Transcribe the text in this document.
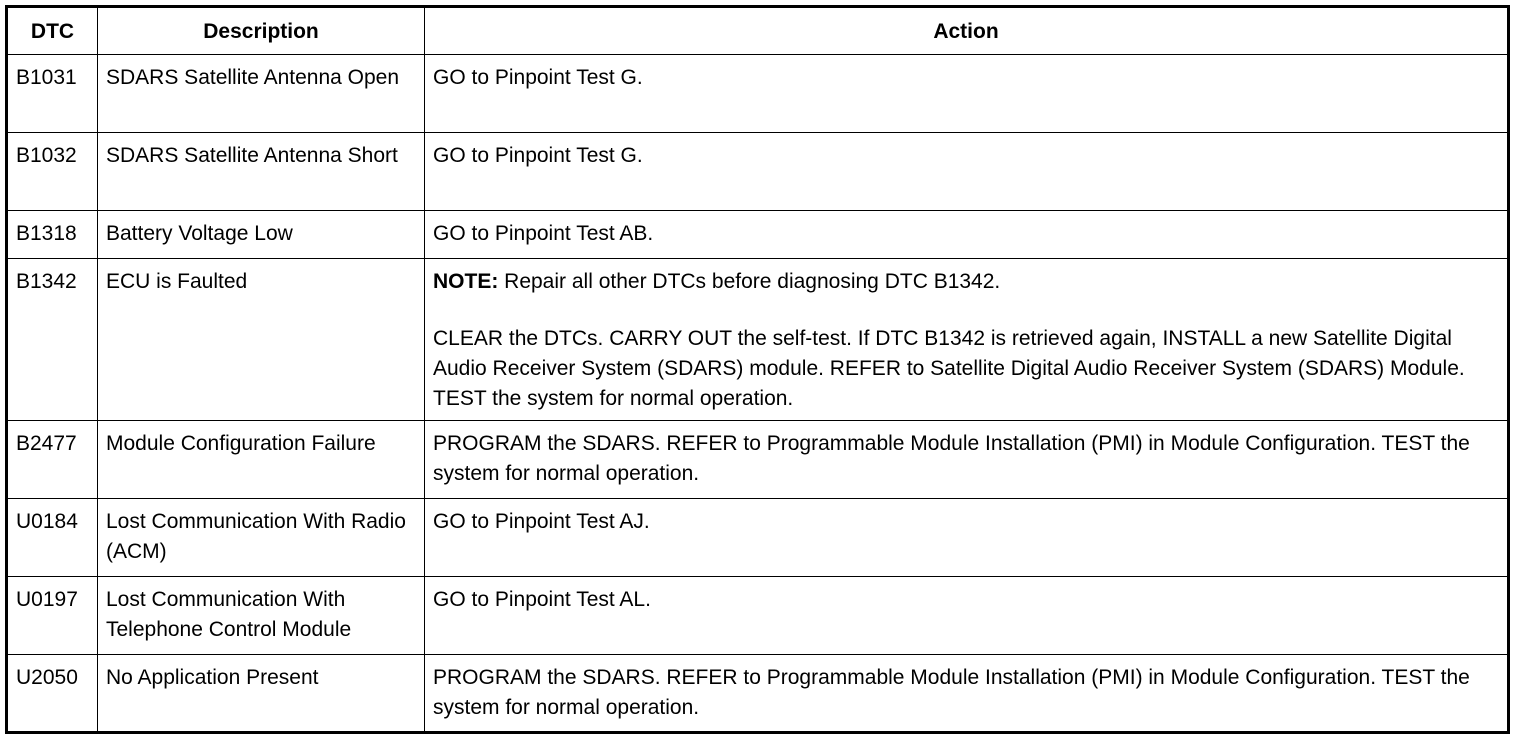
DTC	Description	Action
B1031	SDARS Satellite Antenna Open	GO to Pinpoint Test G.
B1032	SDARS Satellite Antenna Short	GO to Pinpoint Test G.
B1318	Battery Voltage Low	GO to Pinpoint Test AB.
B1342	ECU is Faulted	NOTE: Repair all other DTCs before diagnosing DTC B1342.
CLEAR the DTCs. CARRY OUT the self-test. If DTC B1342 is retrieved again, INSTALL a new Satellite Digital Audio Receiver System (SDARS) module. REFER to Satellite Digital Audio Receiver System (SDARS) Module. TEST the system for normal operation.

B2477	Module Configuration Failure	PROGRAM the SDARS. REFER to Programmable Module Installation (PMI) in Module Configuration. TEST the system for normal operation.
U0184	Lost Communication With Radio (ACM)	GO to Pinpoint Test AJ.
U0197	Lost Communication With Telephone Control Module	GO to Pinpoint Test AL.
U2050	No Application Present	PROGRAM the SDARS. REFER to Programmable Module Installation (PMI) in Module Configuration. TEST the system for normal operation.
